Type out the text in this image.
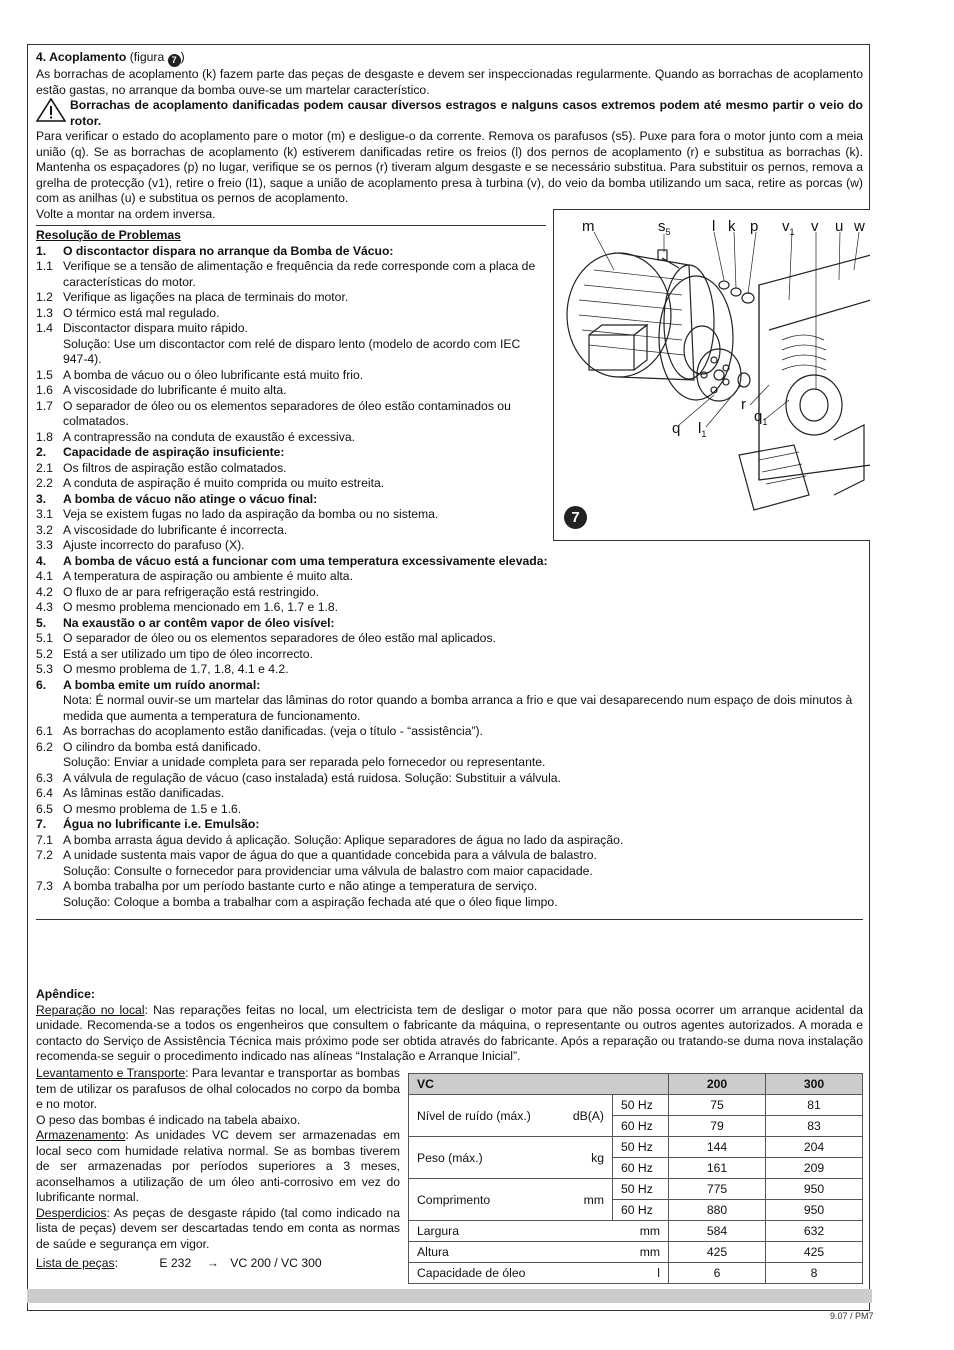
4. Acoplamento (figura 7 )

As borrachas de acoplamento (k) fazem parte das peças de desgaste e devem ser inspeccionadas regularmente. Quando as borrachas de acoplamento estão gastas, no arranque da bomba ouve-se um martelar característico.

Borrachas de acoplamento danificadas podem causar diversos estragos e nalguns casos extremos podem até mesmo partir o veio do rotor.

Para verificar o estado do acoplamento pare o motor (m) e desligue-o da corrente. Remova os parafusos (s5). Puxe para fora o motor junto com a meia união (q). Se as borrachas de acoplamento (k) estiverem danificadas retire os freios (l) dos pernos de acoplamento (r) e substitua as borrachas (k). Mantenha os espaçadores (p) no lugar, verifique se os pernos (r) tiveram algum desgaste e se necessário substitua. Para substituir os pernos, remova a grelha de protecção (v1), retire o freio (l1), saque a união de acoplamento presa à turbina (v), do veio da bomba utilizando um saca, retire as porcas (w) com as anilhas (u) e substitua os pernos de acoplamento.

Volte a montar na ordem inversa.

Resolução de Problemas

1.	O discontactor dispara no arranque da Bomba de Vácuo:
1.1 Verifique se a tensão de alimentação e frequência da rede corresponde com a placa de características do motor.
1.2 Verifique as ligações na placa de terminais do motor.
1.3 O térmico está mal regulado.
1.4 Discontactor dispara muito rápido.
Solução: Use um discontactor com relé de disparo lento (modelo de acordo com IEC 947-4).
1.5 A bomba de vácuo ou o óleo lubrificante está muito frio.
1.6 A viscosidade do lubrificante é muito alta.
1.7 O separador de óleo ou os elementos separadores de óleo estão contaminados ou colmatados.
1.8 A contrapressão na conduta de exaustão é excessiva.
2.	Capacidade de aspiração insuficiente:
2.1 Os filtros de aspiração estão colmatados.
2.2 A conduta de aspiração é muito comprida ou muito estreita.
3.	A bomba de vácuo não atinge o vácuo final:
3.1 Veja se existem fugas no lado da aspiração da bomba ou no sistema.
3.2 A viscosidade do lubrificante é incorrecta.
3.3 Ajuste incorrecto do parafuso (X).
4.	A bomba de vácuo está a funcionar com uma temperatura excessivamente elevada:
4.1 A temperatura de aspiração ou ambiente é muito alta.
4.2 O fluxo de ar para refrigeração está restringido.
4.3 O mesmo problema mencionado em 1.6, 1.7 e 1.8.
5.	Na exaustão o ar contêm vapor de óleo visível:
5.1 O separador de óleo ou os elementos separadores de óleo estão mal aplicados.
5.2 Está a ser utilizado um tipo de óleo incorrecto.
5.3 O mesmo problema de 1.7, 1.8, 4.1 e 4.2.
6.	A bomba emite um ruído anormal:
Nota: É normal ouvir-se um martelar das lâminas do rotor quando a bomba arranca a frio e que vai desaparecendo num espaço de dois minutos à medida que aumenta a temperatura de funcionamento.
6.1 As borrachas do acoplamento estão danificadas. (veja o título - “assistência”).
6.2 O cilindro da bomba está danificado.
Solução: Enviar a unidade completa para ser reparada pelo fornecedor ou representante.
6.3 A válvula de regulação de vácuo (caso instalada) está ruidosa. Solução: Substituir a válvula.
6.4 As lâminas estão danificadas.
6.5 O mesmo problema de 1.5 e 1.6.
7.	Água no lubrificante i.e. Emulsão:
7.1 A bomba arrasta água devido á aplicação. Solução: Aplique separadores de água no lado da aspiração.
7.2 A unidade sustenta mais vapor de água do que a quantidade concebida para a válvula de balastro.
Solução: Consulte o fornecedor para providenciar uma válvula de balastro com maior capacidade.
7.3 A bomba trabalha por um período bastante curto e não atinge a temperatura de serviço.
Solução: Coloque a bomba a trabalhar com a aspiração fechada até que o óleo fique limpo.
m	$s_5$	l k p $v_1$ v u w
r
$q_1$
q $l_1$
7

Apêndice:

Reparação no local: Nas reparações feitas no local, um electricista tem de desligar o motor para que não possa ocorrer um arranque acidental da unidade. Recomenda-se a todos os engenheiros que consultem o fabricante da máquina, o representante ou outros agentes autorizados. A morada e contacto do Serviço de Assistência Técnica mais próximo pode ser obtida através do fabricante. Após a reparação ou tratando-se duma nova instalação recomenda-se seguir o procedimento indicado nas alíneas “Instalação e Arranque Inicial”.

Levantamento e Transporte: Para levantar e transportar as bombas tem de utilizar os parafusos de olhal colocados no corpo da bomba e no motor.

O peso das bombas é indicado na tabela abaixo.

Armazenamento: As unidades VC devem ser armazenadas em local seco com humidade relativa normal. Se as bombas tiverem de ser armazenadas por períodos superiores a 3 meses, aconselhamos a utilização de um óleo anti-corrosivo em vez do lubrificante normal.

Desperdicios: As peças de desgaste rápido (tal como indicado na lista de peças) devem ser descartadas tendo em conta as normas de saúde e segurança em vigor.

Lista de peças:	E 232 → VC 200 / VC 300

VC			200	300
Nível de ruído (máx.)	dB(A)	50 Hz	75	81
		60 Hz	79	83
Peso (máx.)	kg	50 Hz	144	204
		60 Hz	161	209
Comprimento	mm	50 Hz	775	950
		60 Hz	880	950
Largura		mm	584	632
Altura		mm	425	425
Capacidade de óleo		l	6	8
9.07 / PM7
